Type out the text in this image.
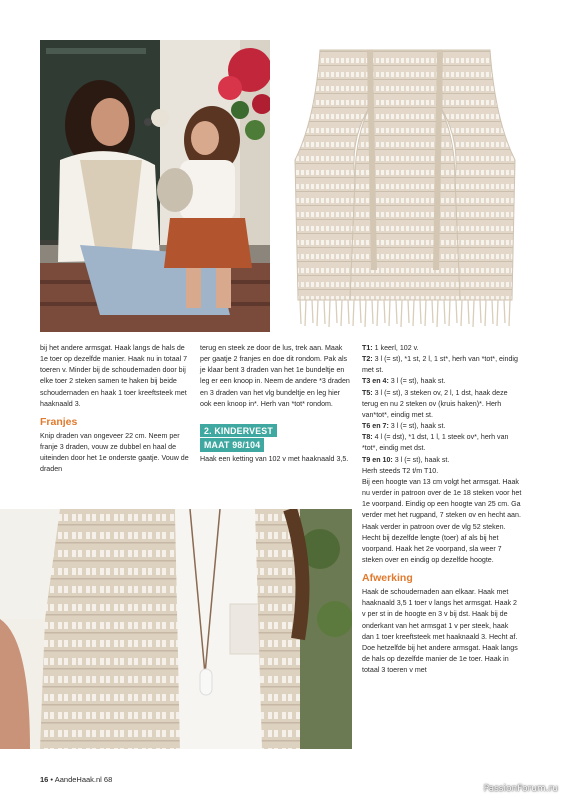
bij het andere armsgat. Haak langs de hals de 1e toer op dezelfde manier. Haak nu in totaal 7 toeren v. Minder bij de schoudernaden door bij elke toer 2 steken samen te haken bij beide schoudernaden en haak 1 toer kreeftsteek met haaknaald 3.

Franjes

Knip draden van ongeveer 22 cm. Neem per franje 3 draden, vouw ze dubbel en haal de uiteinden door het 1e onderste gaatje. Vouw de draden

terug en steek ze door de lus, trek aan. Maak per gaatje 2 franjes en doe dit rondom. Pak als je klaar bent 3 draden van het 1e bundeltje en leg er een knoop in. Neem de andere *3 draden en 3 draden van het vlg bundeltje en leg hier ook een knoop in*. Herh van *tot* rondom.

2. KINDERVEST
MAAT 98/104

Haak een ketting van 102 v met haaknaald 3,5.

T1: 1 keerl, 102 v.

T2: 3 l (= st), *1 st, 2 l, 1 st*, herh van *tot*, eindig met st.

T3 en 4: 3 l (= st), haak st.

T5: 3 l (= st), 3 steken ov, 2 l, 1 dst, haak deze terug en nu 2 steken ov (kruis haken)*. Herh van*tot*, eindig met st.

T6 en 7: 3 l (= st), haak st.

T8: 4 l (= dst), *1 dst, 1 l, 1 steek ov*, herh van *tot*, eindig met dst.

T9 en 10: 3 l (= st), haak st.

Herh steeds T2 t/m T10.

Bij een hoogte van 13 cm volgt het armsgat. Haak nu verder in patroon over de 1e 18 steken voor het 1e voorpand. Eindig op een hoogte van 25 cm. Ga verder met het rugpand, 7 steken ov en hecht aan. Haak verder in patroon over de vlg 52 steken. Hecht bij dezelfde lengte (toer) af als bij het voorpand. Haak het 2e voorpand, sla weer 7 steken over en eindig op dezelfde hoogte.

Afwerking

Haak de schoudernaden aan elkaar. Haak met haaknaald 3,5 1 toer v langs het armsgat. Haak 2 v per st in de hoogte en 3 v bij dst. Haak bij de onderkant van het armsgat 1 v per steek, haak dan 1 toer kreeftsteek met haaknaald 3. Hecht af. Doe hetzelfde bij het andere armsgat. Haak langs de hals op dezelfde manier de 1e toer. Haak in totaal 3 toeren v met

16 • AandeHaak.nl 68
PassionForum.ru
